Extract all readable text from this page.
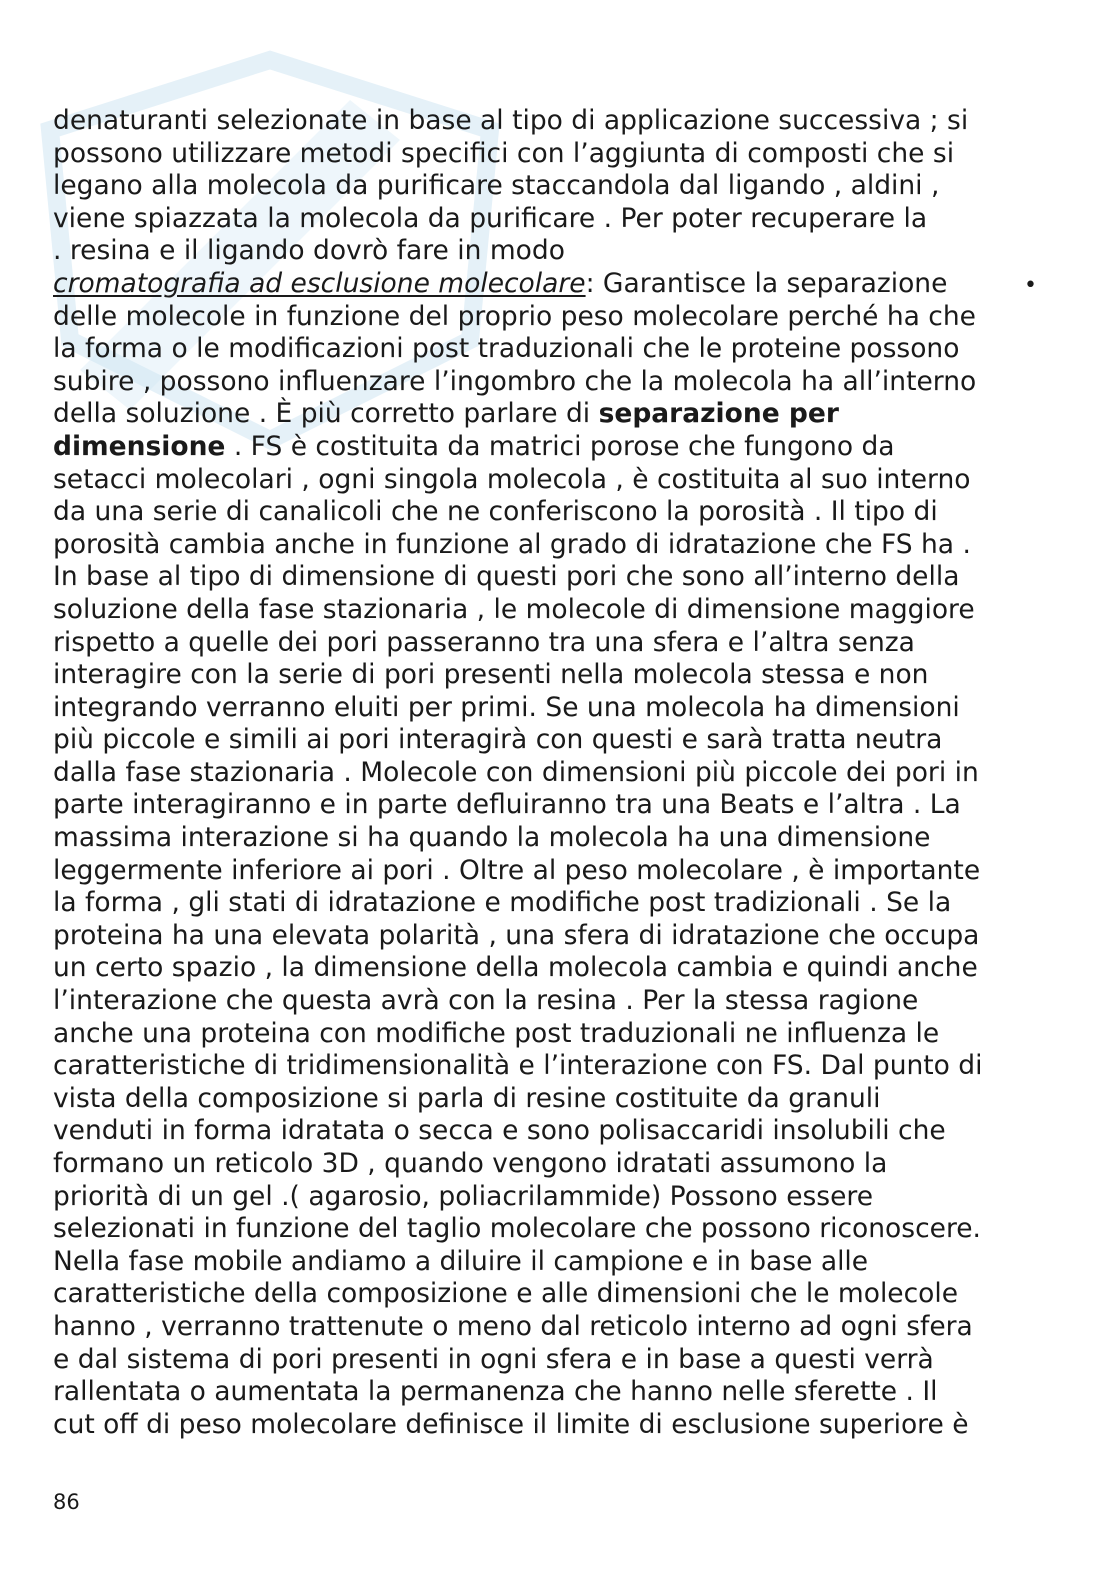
denaturanti selezionate in base al tipo di applicazione successiva ; si
possono utilizzare metodi specifici con l’aggiunta di composti che si
legano alla molecola da purificare staccandola dal ligando , aldini ,
viene spiazzata la molecola da purificare . Per poter recuperare la
. resina e il ligando dovrò fare in modo
cromatografia ad esclusione molecolare: Garantisce la separazione
delle molecole in funzione del proprio peso molecolare perché ha che
la forma o le modificazioni post traduzionali che le proteine possono
subire , possono influenzare l’ingombro che la molecola ha all’interno
della soluzione . È più corretto parlare di separazione per
dimensione . FS è costituita da matrici porose che fungono da
setacci molecolari , ogni singola molecola , è costituita al suo interno
da una serie di canalicoli che ne conferiscono la porosità . Il tipo di
porosità cambia anche in funzione al grado di idratazione che FS ha .
In base al tipo di dimensione di questi pori che sono all’interno della
soluzione della fase stazionaria , le molecole di dimensione maggiore
rispetto a quelle dei pori passeranno tra una sfera e l’altra senza
interagire con la serie di pori presenti nella molecola stessa e non
integrando verranno eluiti per primi. Se una molecola ha dimensioni
più piccole e simili ai pori interagirà con questi e sarà tratta neutra
dalla fase stazionaria . Molecole con dimensioni più piccole dei pori in
parte interagiranno e in parte defluiranno tra una Beats e l’altra . La
massima interazione si ha quando la molecola ha una dimensione
leggermente inferiore ai pori . Oltre al peso molecolare , è importante
la forma , gli stati di idratazione e modifiche post tradizionali . Se la
proteina ha una elevata polarità , una sfera di idratazione che occupa
un certo spazio , la dimensione della molecola cambia e quindi anche
l’interazione che questa avrà con la resina . Per la stessa ragione
anche una proteina con modifiche post traduzionali ne influenza le
caratteristiche di tridimensionalità e l’interazione con FS. Dal punto di
vista della composizione si parla di resine costituite da granuli
venduti in forma idratata o secca e sono polisaccaridi insolubili che
formano un reticolo 3D , quando vengono idratati assumono la
priorità di un gel .( agarosio, poliacrilammide) Possono essere
selezionati in funzione del taglio molecolare che possono riconoscere.
Nella fase mobile andiamo a diluire il campione e in base alle
caratteristiche della composizione e alle dimensioni che le molecole
hanno , verranno trattenute o meno dal reticolo interno ad ogni sfera
e dal sistema di pori presenti in ogni sfera e in base a questi verrà
rallentata o aumentata la permanenza che hanno nelle sferette . Il
cut off di peso molecolare definisce il limite di esclusione superiore è
•
86
